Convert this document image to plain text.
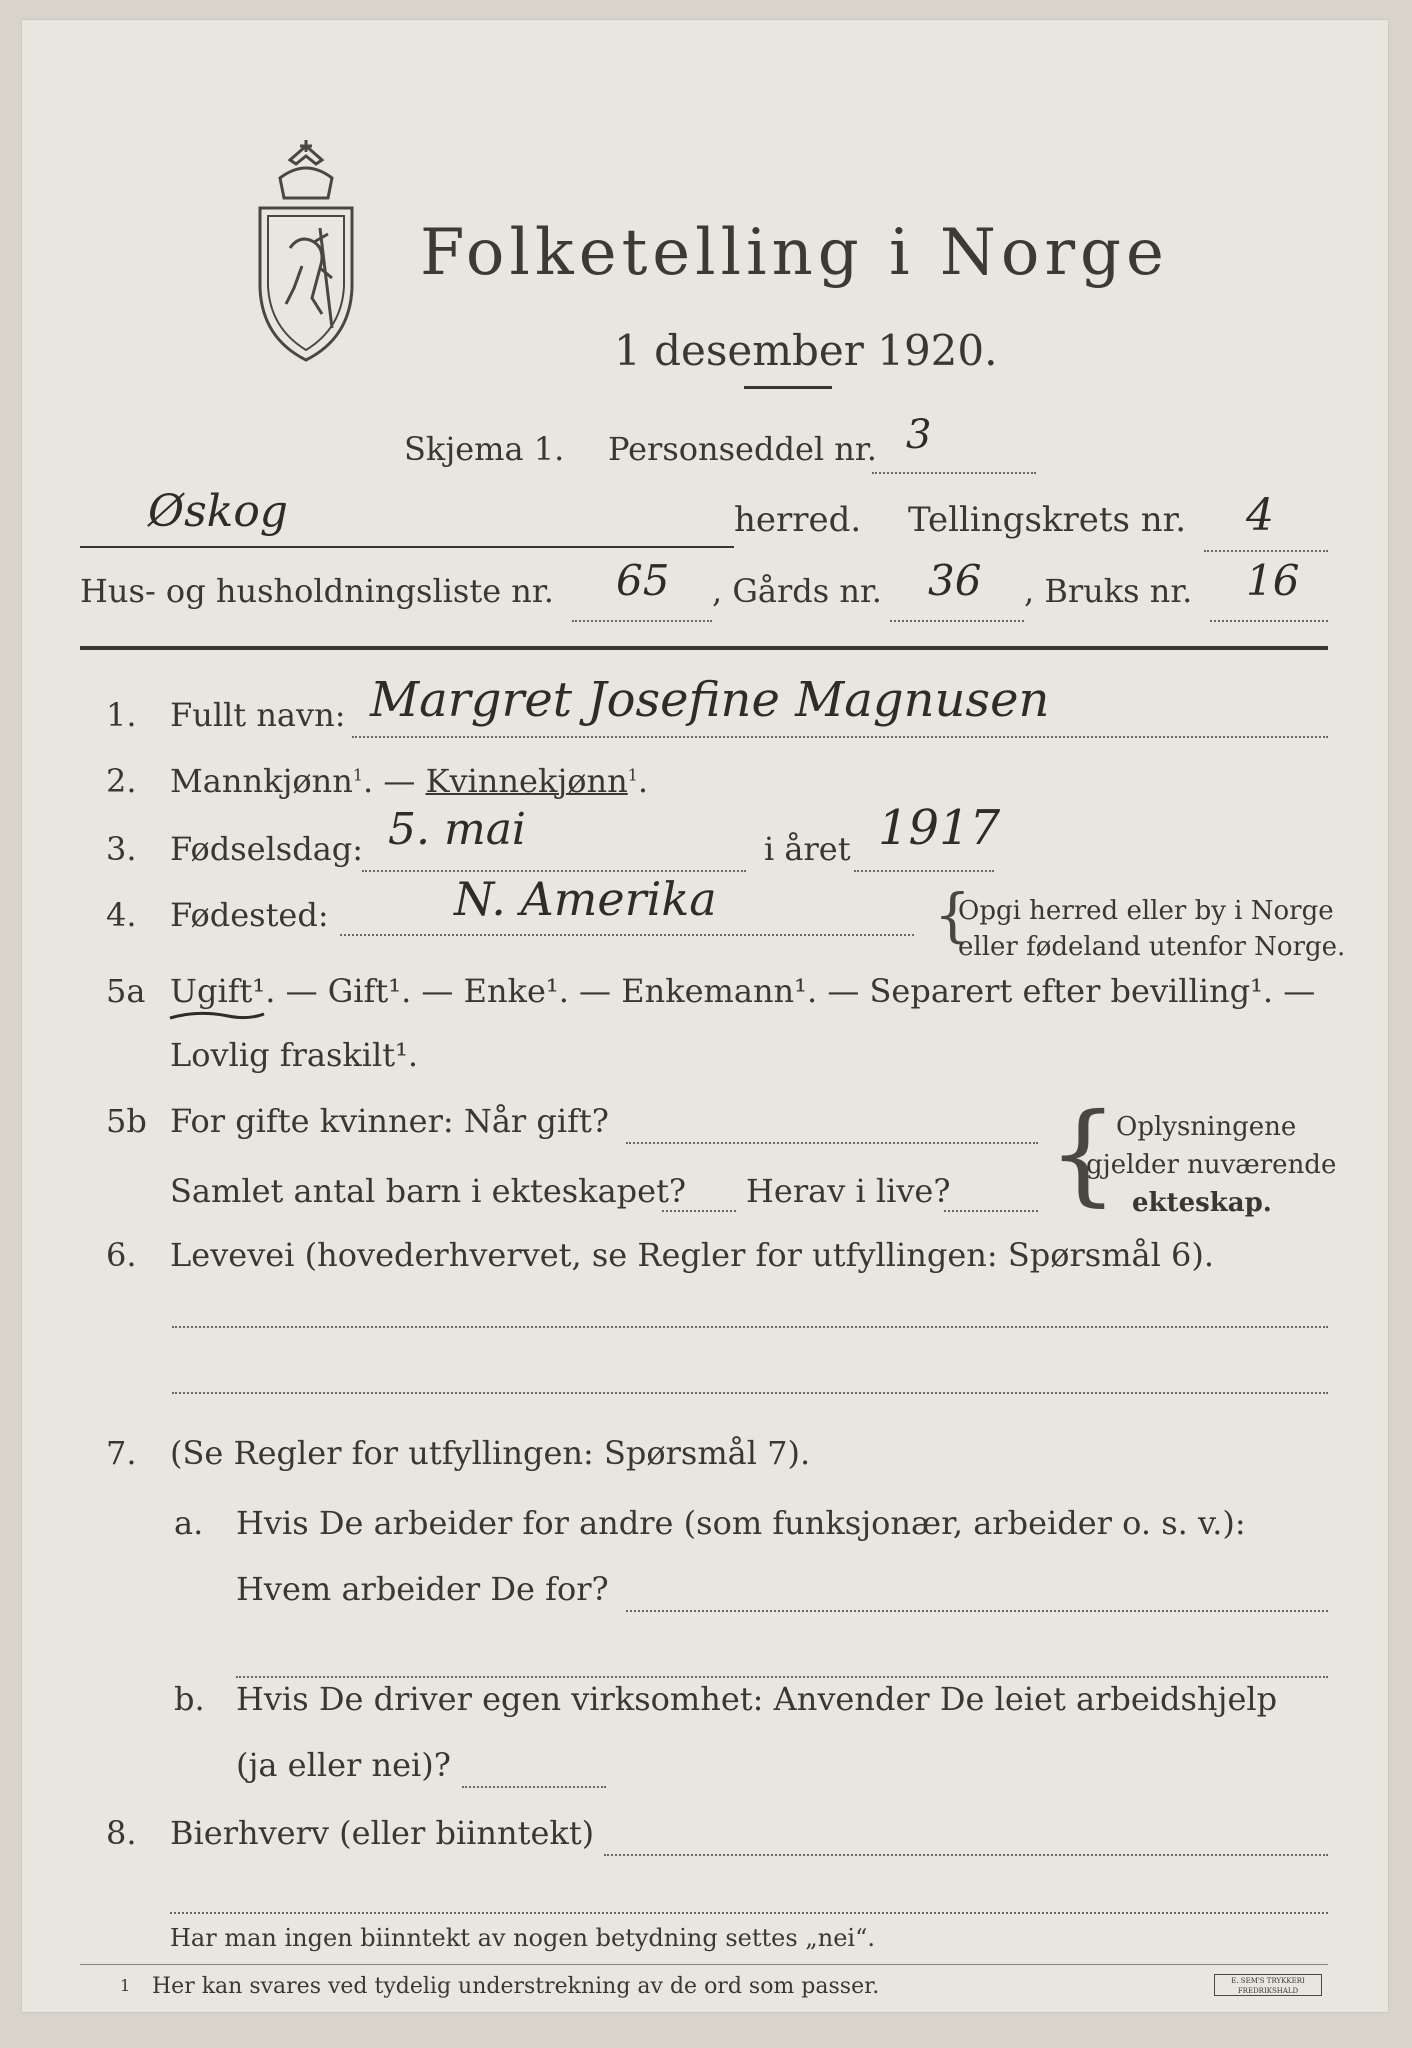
Folketelling i Norge
1 desember 1920.
Skjema 1. Personseddel nr. 3
Øskog	herred. Tellingskrets nr. 4
Hus- og husholdningsliste nr. 65 , Gårds nr. 36 , Bruks nr. 16
1. Fullt navn: Margret Josefine Magnusen
2. Mannkjønn$^1$. — Kvinnekjønn$^1$.
3. Fødselsdag: 5. mai	i året 1917
4. Fødested:	N. Amerika	{
Opgi herred eller by i Norge
eller fødeland utenfor Norge.
5a Ugift¹. — Gift¹. — Enke¹. — Enkemann¹. — Separert efter bevilling¹. —
Lovlig fraskilt¹.
5b For gifte kvinner: Når gift?
Samlet antal barn i ekteskapet? Herav i live? {
Oplysningene
gjelder nuværende
ekteskap.
6. Levevei (hovederhvervet, se Regler for utfyllingen: Spørsmål 6).
7. (Se Regler for utfyllingen: Spørsmål 7).
a. Hvis De arbeider for andre (som funksjonær, arbeider o. s. v.):
Hvem arbeider De for?
b. Hvis De driver egen virksomhet: Anvender De leiet arbeidshjelp
(ja eller nei)?
8. Bierhverv (eller biinntekt)
Har man ingen biinntekt av nogen betydning settes „nei“.
1 Her kan svares ved tydelig understrekning av de ord som passer.	E. SEM'S TRYKKERI FREDRIKSHALD
